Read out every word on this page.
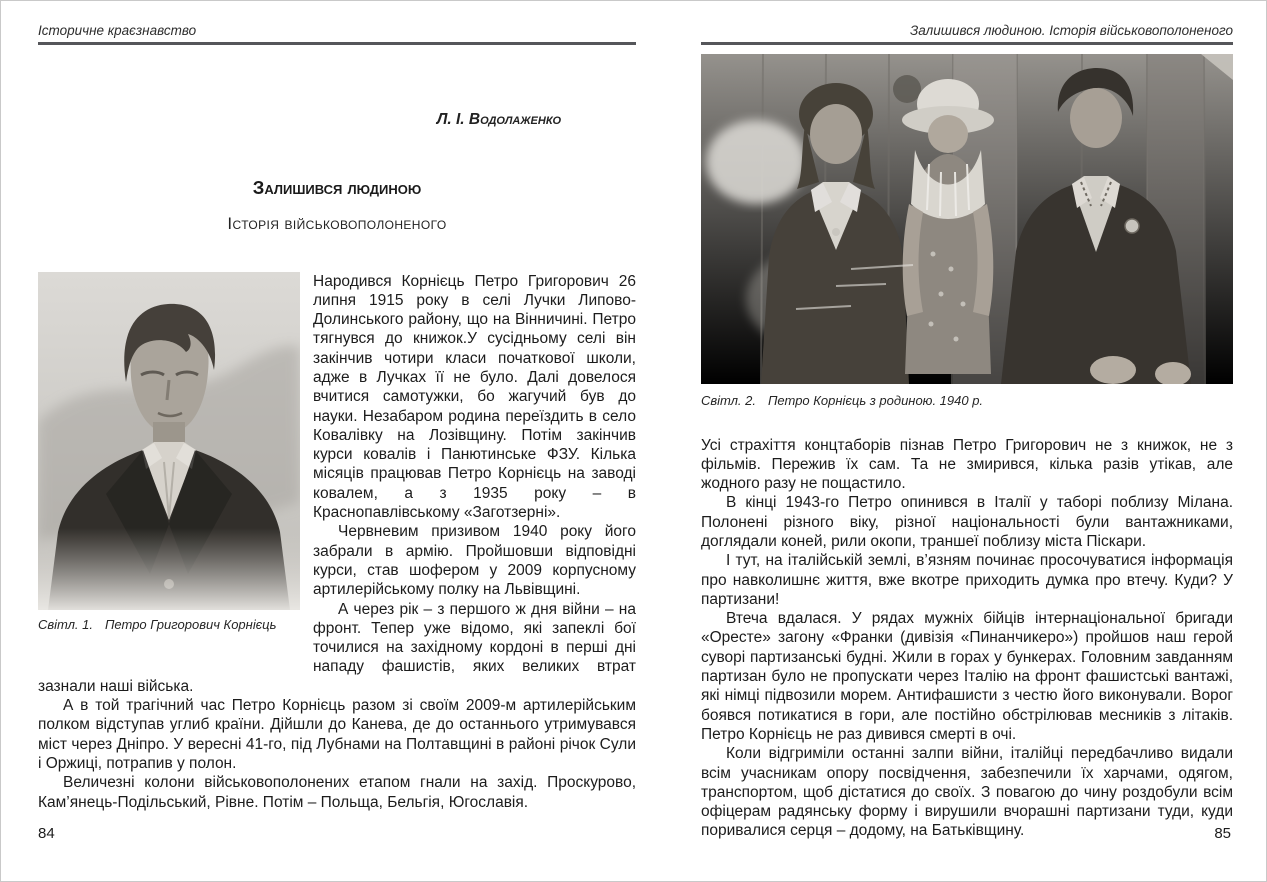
Історичне краєзнавство
Л. І. Водолаженко
Залишився людиною
Історія військовополоненого
Світл. 1. Петро Григорович Корнієць

Народився Корнієць Петро Григорович 26 липня 1915 року в селі Лучки Липово-Долинського району, що на Вінничині. Петро тягнувся до книжок.У сусідньому селі він закінчив чотири класи початкової школи, адже в Лучках її не було. Далі довелося вчитися самотужки, бо жагучий був до науки. Незабаром родина переїздить в село Ковалівку на Лозівщину. Потім закінчив курси ковалів і Панютинське ФЗУ. Кілька місяців працював Петро Корнієць на заводі ковалем, а з 1935 року – в Краснопавлівському «Заготзерні».

Червневим призивом 1940 року його забрали в армію. Пройшовши відповідні курси, став шофером у 2009 корпусному артилерійському полку на Львівщині.

А через рік – з першого ж дня війни – на фронт. Тепер уже відомо, які запеклі бої точилися на західному кордоні в перші дні нападу фашистів, яких великих втрат зазнали наші війська.

А в той трагічний час Петро Корнієць разом зі своїм 2009-м артилерійським полком відступав углиб країни. Дійшли до Канева, де до останнього утримувався міст через Дніпро. У вересні 41-го, під Лубнами на Полтавщині в районі річок Сули і Оржиці, потрапив у полон.

Величезні колони військовополонених етапом гнали на захід. Проскурово, Кам’янець-Подільський, Рівне. Потім – Польща, Бельгія, Югославія.

Залишився людиною. Історія військовополоненого
Світл. 2. Петро Корнієць з родиною. 1940 р.

Усі страхіття концтаборів пізнав Петро Григорович не з книжок, не з фільмів. Пережив їх сам. Та не змирився, кілька разів утікав, але жодного разу не пощастило.

В кінці 1943-го Петро опинився в Італії у таборі поблизу Мілана. Полонені різного віку, різної національності були вантажниками, доглядали коней, рили окопи, траншеї поблизу міста Піскари.

І тут, на італійській землі, в’язням починає просочуватися інформація про навколишнє життя, вже вкотре приходить думка про втечу. Куди? У партизани!

Втеча вдалася. У рядах мужніх бійців інтернаціональної бригади «Оресте» загону «Франки (дивізія «Пинанчикеро») пройшов наш герой суворі партизанські будні. Жили в горах у бункерах. Головним завданням партизан було не пропускати через Італію на фронт фашистські вантажі, які німці підвозили морем. Антифашисти з честю його виконували. Ворог боявся потикатися в гори, але постійно обстрілював месників з літаків. Петро Корнієць не раз дивився смерті в очі.

Коли відгриміли останні залпи війни, італійці передбачливо видали всім учасникам опору посвідчення, забезпечили їх харчами, одягом, транспортом, щоб дістатися до своїх. З повагою до чину роздобули всім офіцерам радянську форму і вирушили вчорашні партизани туди, куди поривалися серця – додому, на Батьківщину.

84	85
